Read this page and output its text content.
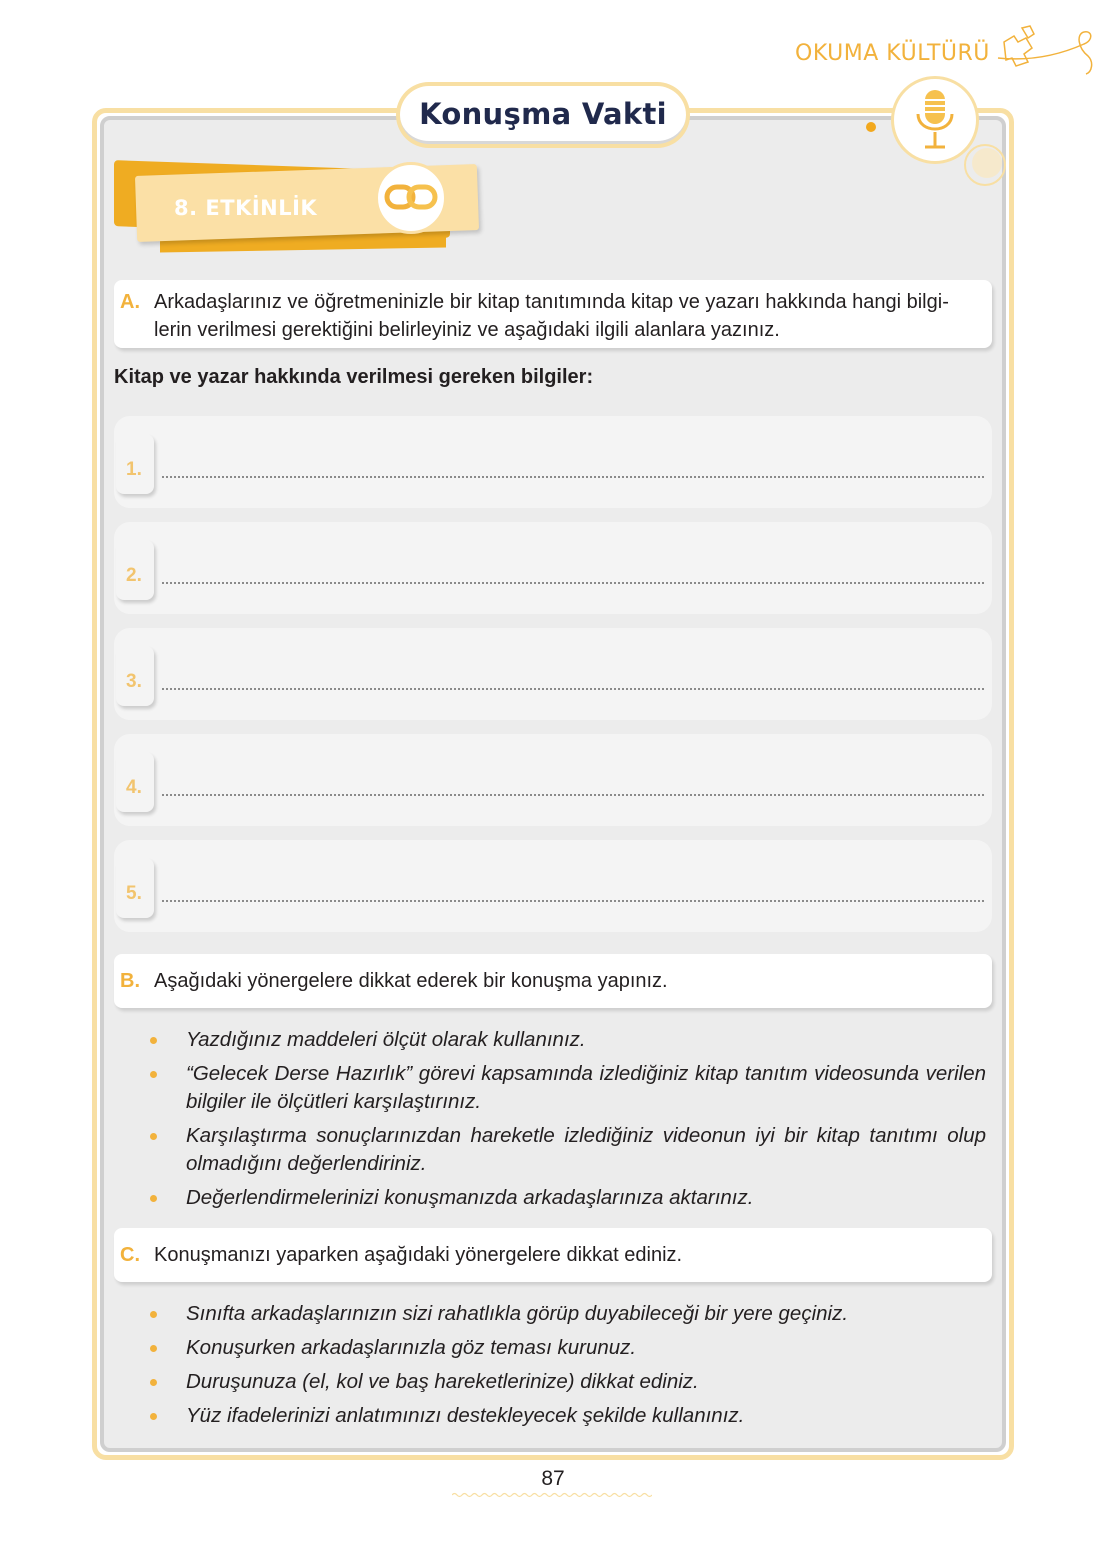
OKUMA KÜLTÜRÜ
Konuşma Vakti
8. ETKİNLİK
A. Arkadaşlarınız ve öğretmeninizle bir kitap tanıtımında kitap ve yazarı hakkında hangi bilgi-
lerin verilmesi gerektiğini belirleyiniz ve aşağıdaki ilgili alanlara yazınız.
Kitap ve yazar hakkında verilmesi gereken bilgiler:
1.
2.
3.
4.
5.
B. Aşağıdaki yönergelere dikkat ederek bir konuşma yapınız.
Yazdığınız maddeleri ölçüt olarak kullanınız.
“Gelecek Derse Hazırlık” görevi kapsamında izlediğiniz kitap tanıtım videosunda verilen bilgiler ile ölçütleri karşılaştırınız.
Karşılaştırma sonuçlarınızdan hareketle izlediğiniz videonun iyi bir kitap tanıtımı olup olmadığını değerlendiriniz.
Değerlendirmelerinizi konuşmanızda arkadaşlarınıza aktarınız.
C. Konuşmanızı yaparken aşağıdaki yönergelere dikkat ediniz.
Sınıfta arkadaşlarınızın sizi rahatlıkla görüp duyabileceği bir yere geçiniz.
Konuşurken arkadaşlarınızla göz teması kurunuz.
Duruşunuza (el, kol ve baş hareketlerinize) dikkat ediniz.
Yüz ifadelerinizi anlatımınızı destekleyecek şekilde kullanınız.
87
